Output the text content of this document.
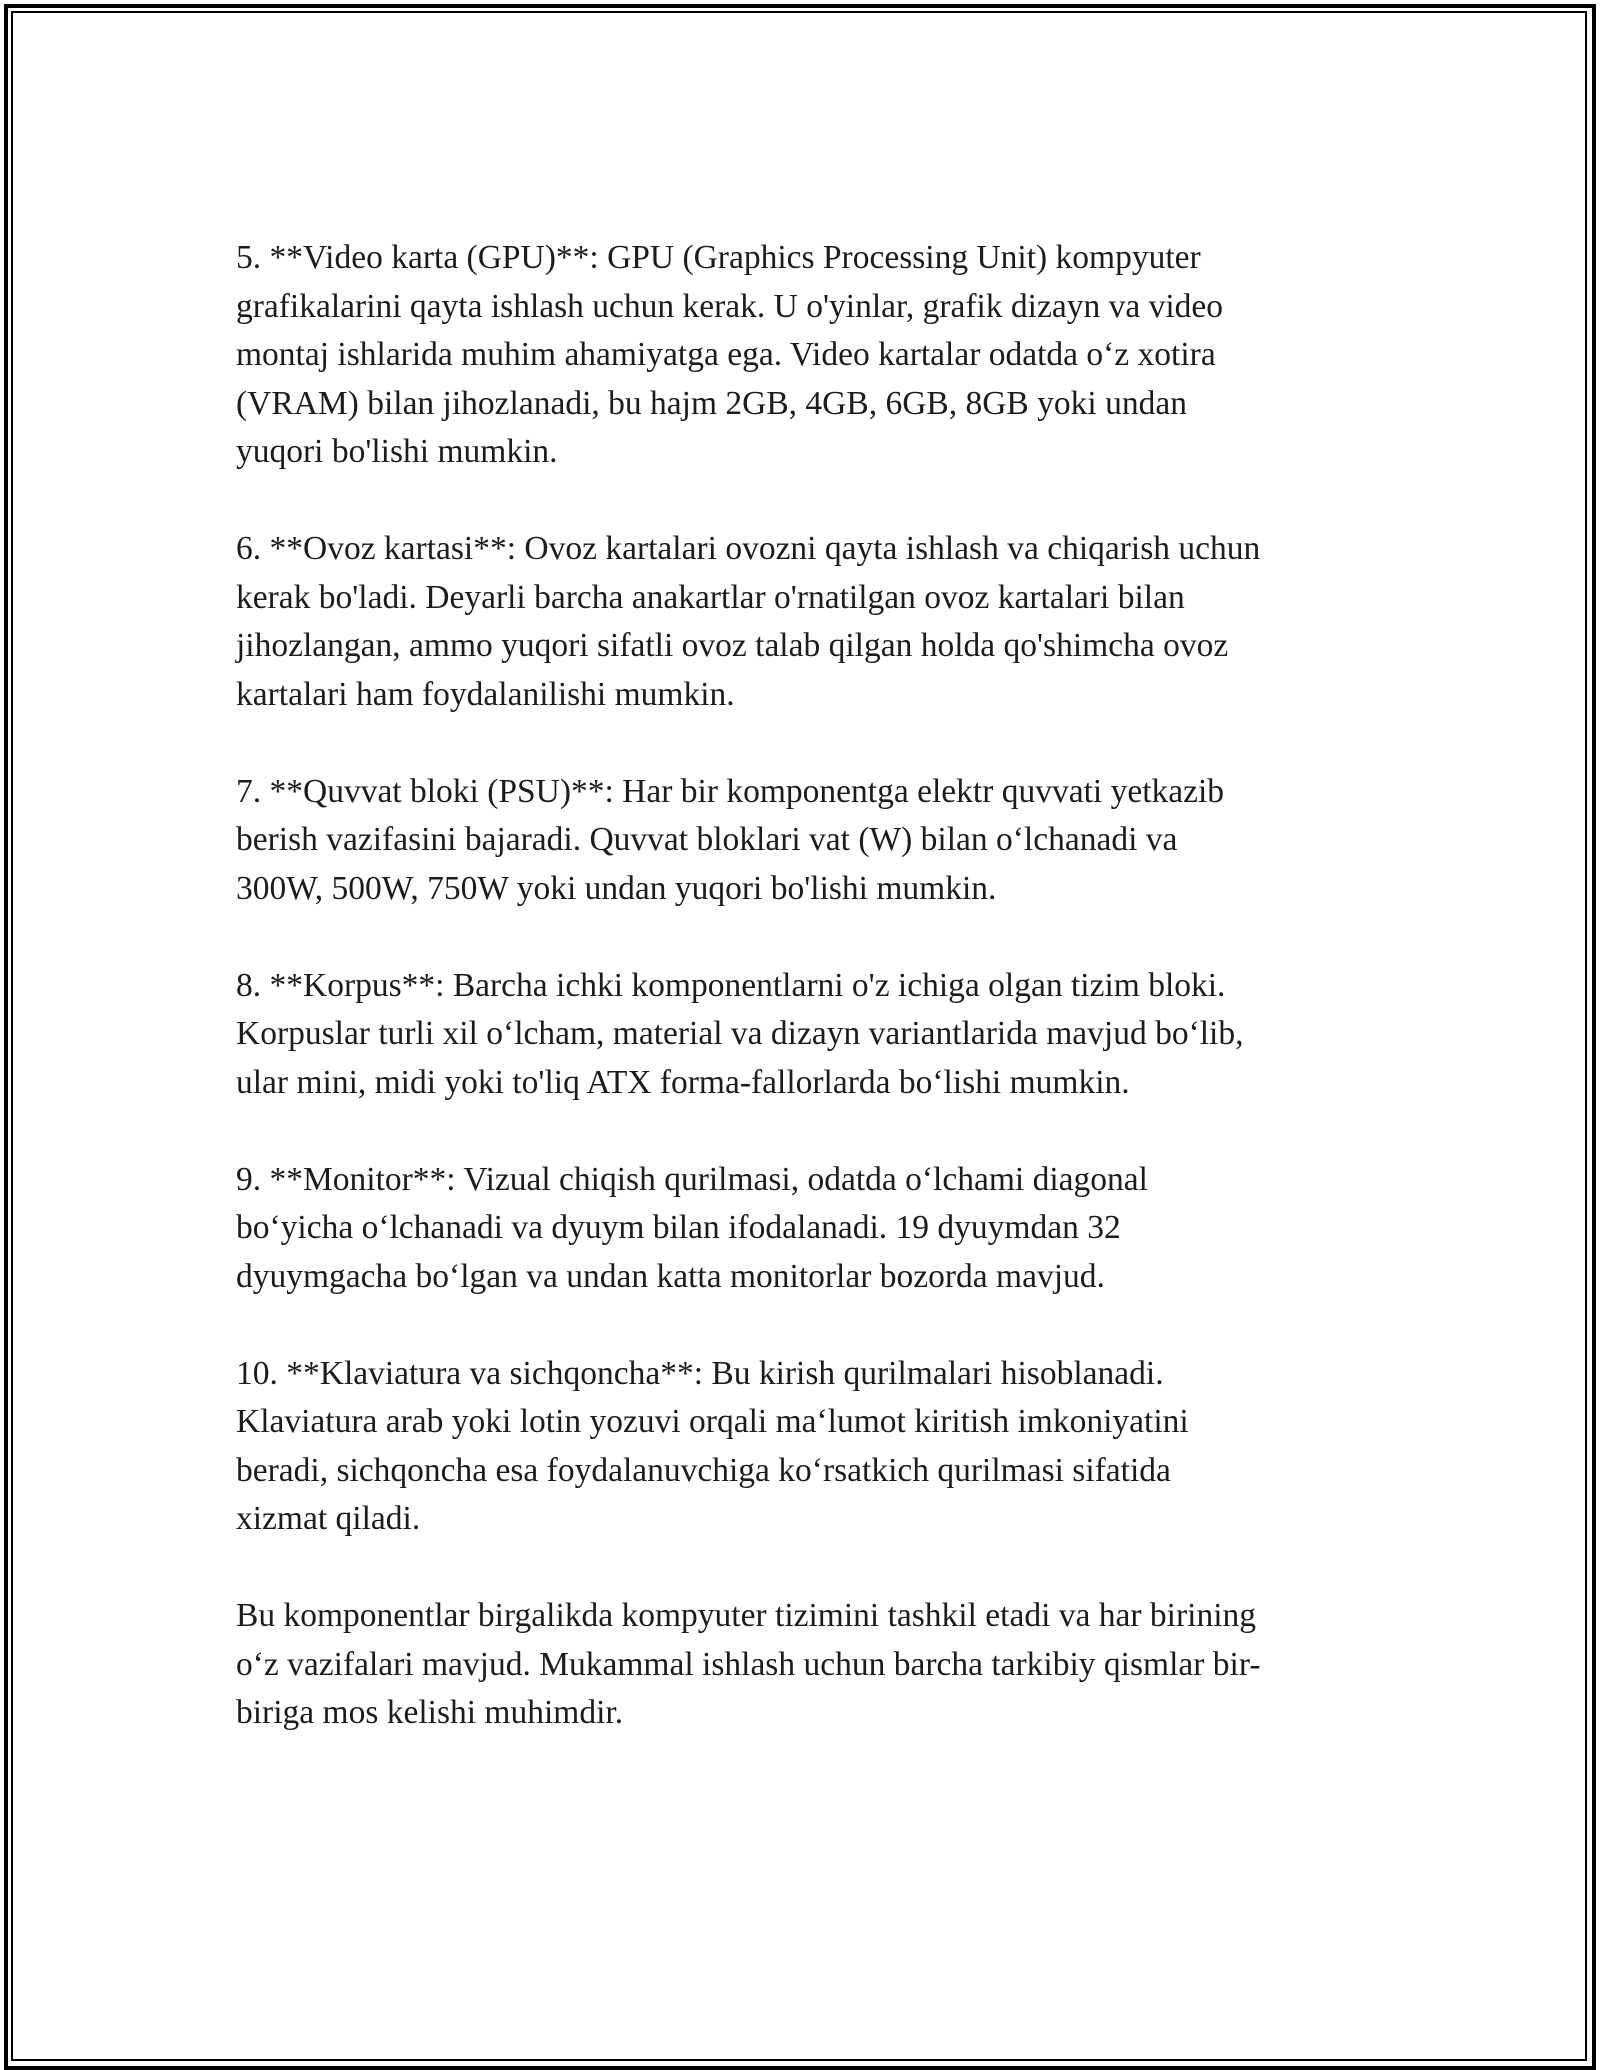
5. **Video karta (GPU)**: GPU (Graphics Processing Unit) kompyuter
grafikalarini qayta ishlash uchun kerak. U o'yinlar, grafik dizayn va video
montaj ishlarida muhim ahamiyatga ega. Video kartalar odatda o‘z xotira
(VRAM) bilan jihozlanadi, bu hajm 2GB, 4GB, 6GB, 8GB yoki undan
yuqori bo'lishi mumkin.

6. **Ovoz kartasi**: Ovoz kartalari ovozni qayta ishlash va chiqarish uchun
kerak bo'ladi. Deyarli barcha anakartlar o'rnatilgan ovoz kartalari bilan
jihozlangan, ammo yuqori sifatli ovoz talab qilgan holda qo'shimcha ovoz
kartalari ham foydalanilishi mumkin.

7. **Quvvat bloki (PSU)**: Har bir komponentga elektr quvvati yetkazib
berish vazifasini bajaradi. Quvvat bloklari vat (W) bilan o‘lchanadi va
300W, 500W, 750W yoki undan yuqori bo'lishi mumkin.

8. **Korpus**: Barcha ichki komponentlarni o'z ichiga olgan tizim bloki.
Korpuslar turli xil o‘lcham, material va dizayn variantlarida mavjud bo‘lib,
ular mini, midi yoki to'liq ATX forma-fallorlarda bo‘lishi mumkin.

9. **Monitor**: Vizual chiqish qurilmasi, odatda o‘lchami diagonal
bo‘yicha o‘lchanadi va dyuym bilan ifodalanadi. 19 dyuymdan 32
dyuymgacha bo‘lgan va undan katta monitorlar bozorda mavjud.

10. **Klaviatura va sichqoncha**: Bu kirish qurilmalari hisoblanadi.
Klaviatura arab yoki lotin yozuvi orqali ma‘lumot kiritish imkoniyatini
beradi, sichqoncha esa foydalanuvchiga ko‘rsatkich qurilmasi sifatida
xizmat qiladi.

Bu komponentlar birgalikda kompyuter tizimini tashkil etadi va har birining
o‘z vazifalari mavjud. Mukammal ishlash uchun barcha tarkibiy qismlar bir-
biriga mos kelishi muhimdir.
